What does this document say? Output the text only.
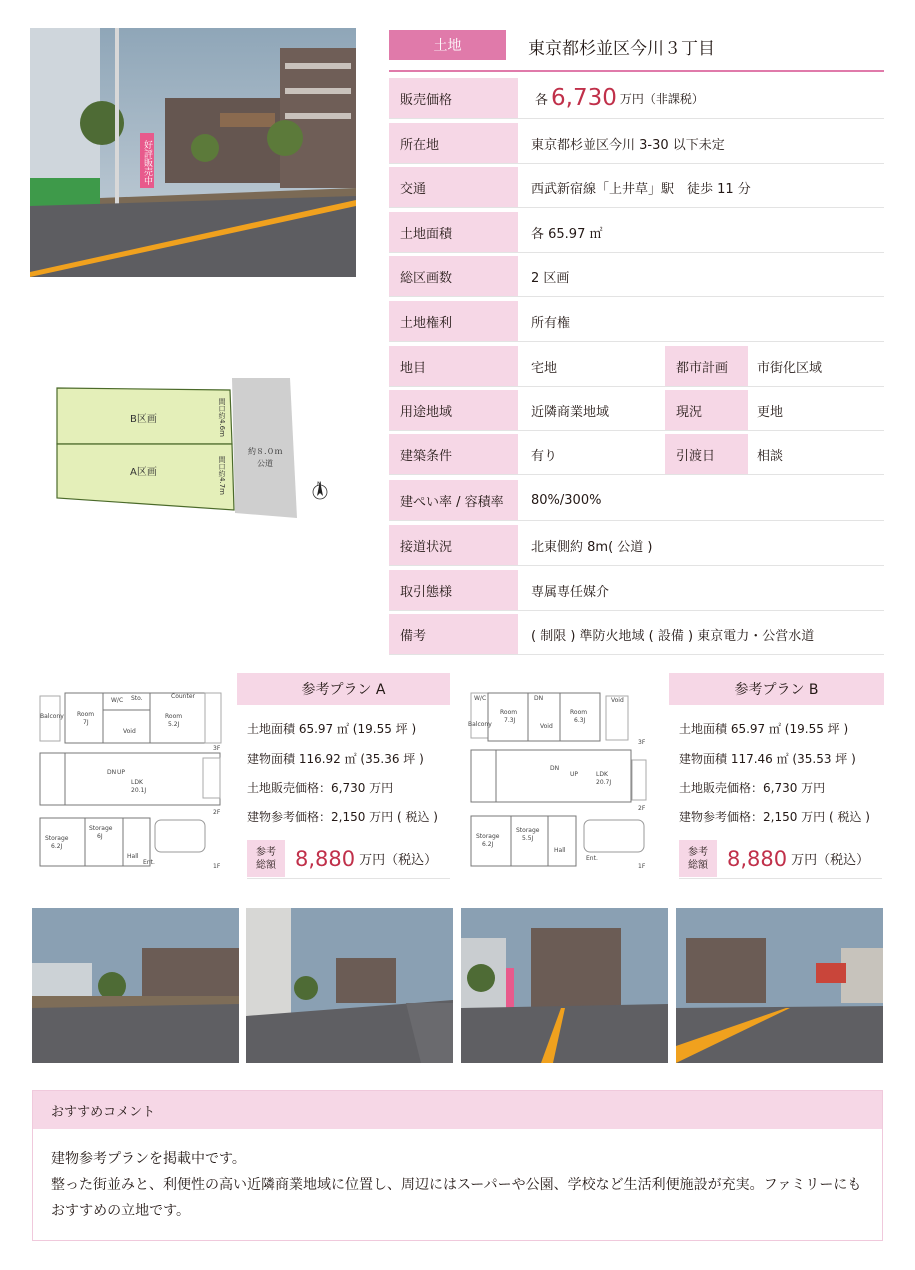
好評販売中
土地	東京都杉並区今川３丁目
販売価格	各 6,730 万円（非課税）
所在地	東京都杉並区今川 3-30 以下未定
交通	西武新宿線「上井草」駅　徒歩 11 分
土地面積	各 65.97 ㎡
総区画数	2 区画
土地権利	所有権
地目	宅地	都市計画	市街化区域
用途地域	近隣商業地域	現況	更地
建築条件	有り	引渡日	相談
建ぺい率 / 容積率	80%/300%
接道状況	北東側約 8m( 公道 )
取引態様	専属専任媒介
備考	( 制限 ) 準防火地域 ( 設備 ) 東京電力・公営水道
B区画
A区画
間口約4.6m
間口約4.7m
約８.０ｍ
公道
N
Balcony Room
7J
W/C Sto.	Counter
Room
5.2J
Void
3F
LDK
20.1J
DN UP
2F
Storage
6.2J
Storage
6J
Hall
Ent.
1F
参考プラン A
土地面積 65.97 ㎡ (19.55 坪 )
建物面積 116.92 ㎡ (35.36 坪 )
土地販売価格：6,730 万円
建物参考価格：2,150 万円 ( 税込 )
参考
総額 8,880 万円（税込）
W/C
Balcony
Room
7.3J
DN
Void
Room
6.3J
Void
3F
LDK
20.7J
DN
UP
2F
Storage
6.2J
Storage
5.5J
Hall
Ent.
1F
参考プラン B
土地面積 65.97 ㎡ (19.55 坪 )
建物面積 117.46 ㎡ (35.53 坪 )
土地販売価格：6,730 万円
建物参考価格：2,150 万円 ( 税込 )
参考
総額 8,880 万円（税込）
おすすめコメント
建物参考プランを掲載中です。
整った街並みと、利便性の高い近隣商業地域に位置し、周辺にはスーパーや公園、学校など生活利便施設が充実。ファミリーにもおすすめの立地です。
